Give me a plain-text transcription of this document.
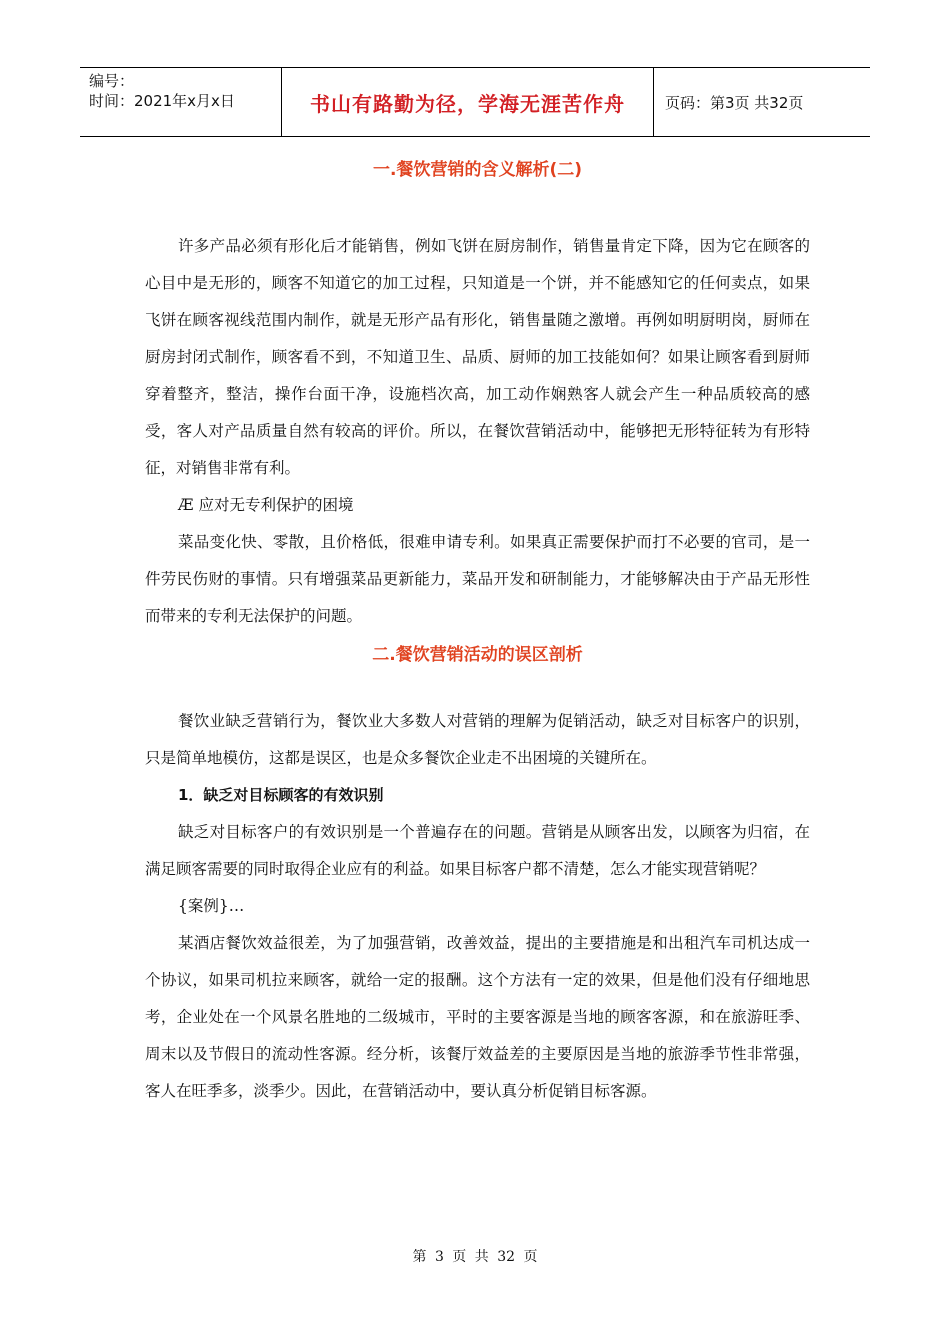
编号：
时间：2021年x月x日	书山有路勤为径，学海无涯苦作舟	页码：第3页 共32页
一.餐饮营销的含义解析(二)

许多产品必须有形化后才能销售，例如飞饼在厨房制作，销售量肯定下降，因为它在顾客的心目中是无形的，顾客不知道它的加工过程，只知道是一个饼，并不能感知它的任何卖点，如果飞饼在顾客视线范围内制作，就是无形产品有形化，销售量随之激增。再例如明厨明岗，厨师在厨房封闭式制作，顾客看不到，不知道卫生、品质、厨师的加工技能如何？如果让顾客看到厨师穿着整齐，整洁，操作台面干净，设施档次高，加工动作娴熟客人就会产生一种品质较高的感受，客人对产品质量自然有较高的评价。所以，在餐饮营销活动中，能够把无形特征转为有形特征，对销售非常有利。

Æ 应对无专利保护的困境

菜品变化快、零散，且价格低，很难申请专利。如果真正需要保护而打不必要的官司，是一件劳民伤财的事情。只有增强菜品更新能力，菜品开发和研制能力，才能够解决由于产品无形性而带来的专利无法保护的问题。

二.餐饮营销活动的误区剖析

餐饮业缺乏营销行为，餐饮业大多数人对营销的理解为促销活动，缺乏对目标客户的识别，只是简单地模仿，这都是误区，也是众多餐饮企业走不出困境的关键所在。

1．缺乏对目标顾客的有效识别

缺乏对目标客户的有效识别是一个普遍存在的问题。营销是从顾客出发，以顾客为归宿，在满足顾客需要的同时取得企业应有的利益。如果目标客户都不清楚，怎么才能实现营销呢？

{案例}…

某酒店餐饮效益很差，为了加强营销，改善效益，提出的主要措施是和出租汽车司机达成一个协议，如果司机拉来顾客，就给一定的报酬。这个方法有一定的效果，但是他们没有仔细地思考，企业处在一个风景名胜地的二级城市，平时的主要客源是当地的顾客客源，和在旅游旺季、周末以及节假日的流动性客源。经分析，该餐厅效益差的主要原因是当地的旅游季节性非常强，客人在旺季多，淡季少。因此，在营销活动中，要认真分析促销目标客源。

第 3 页 共 32 页
